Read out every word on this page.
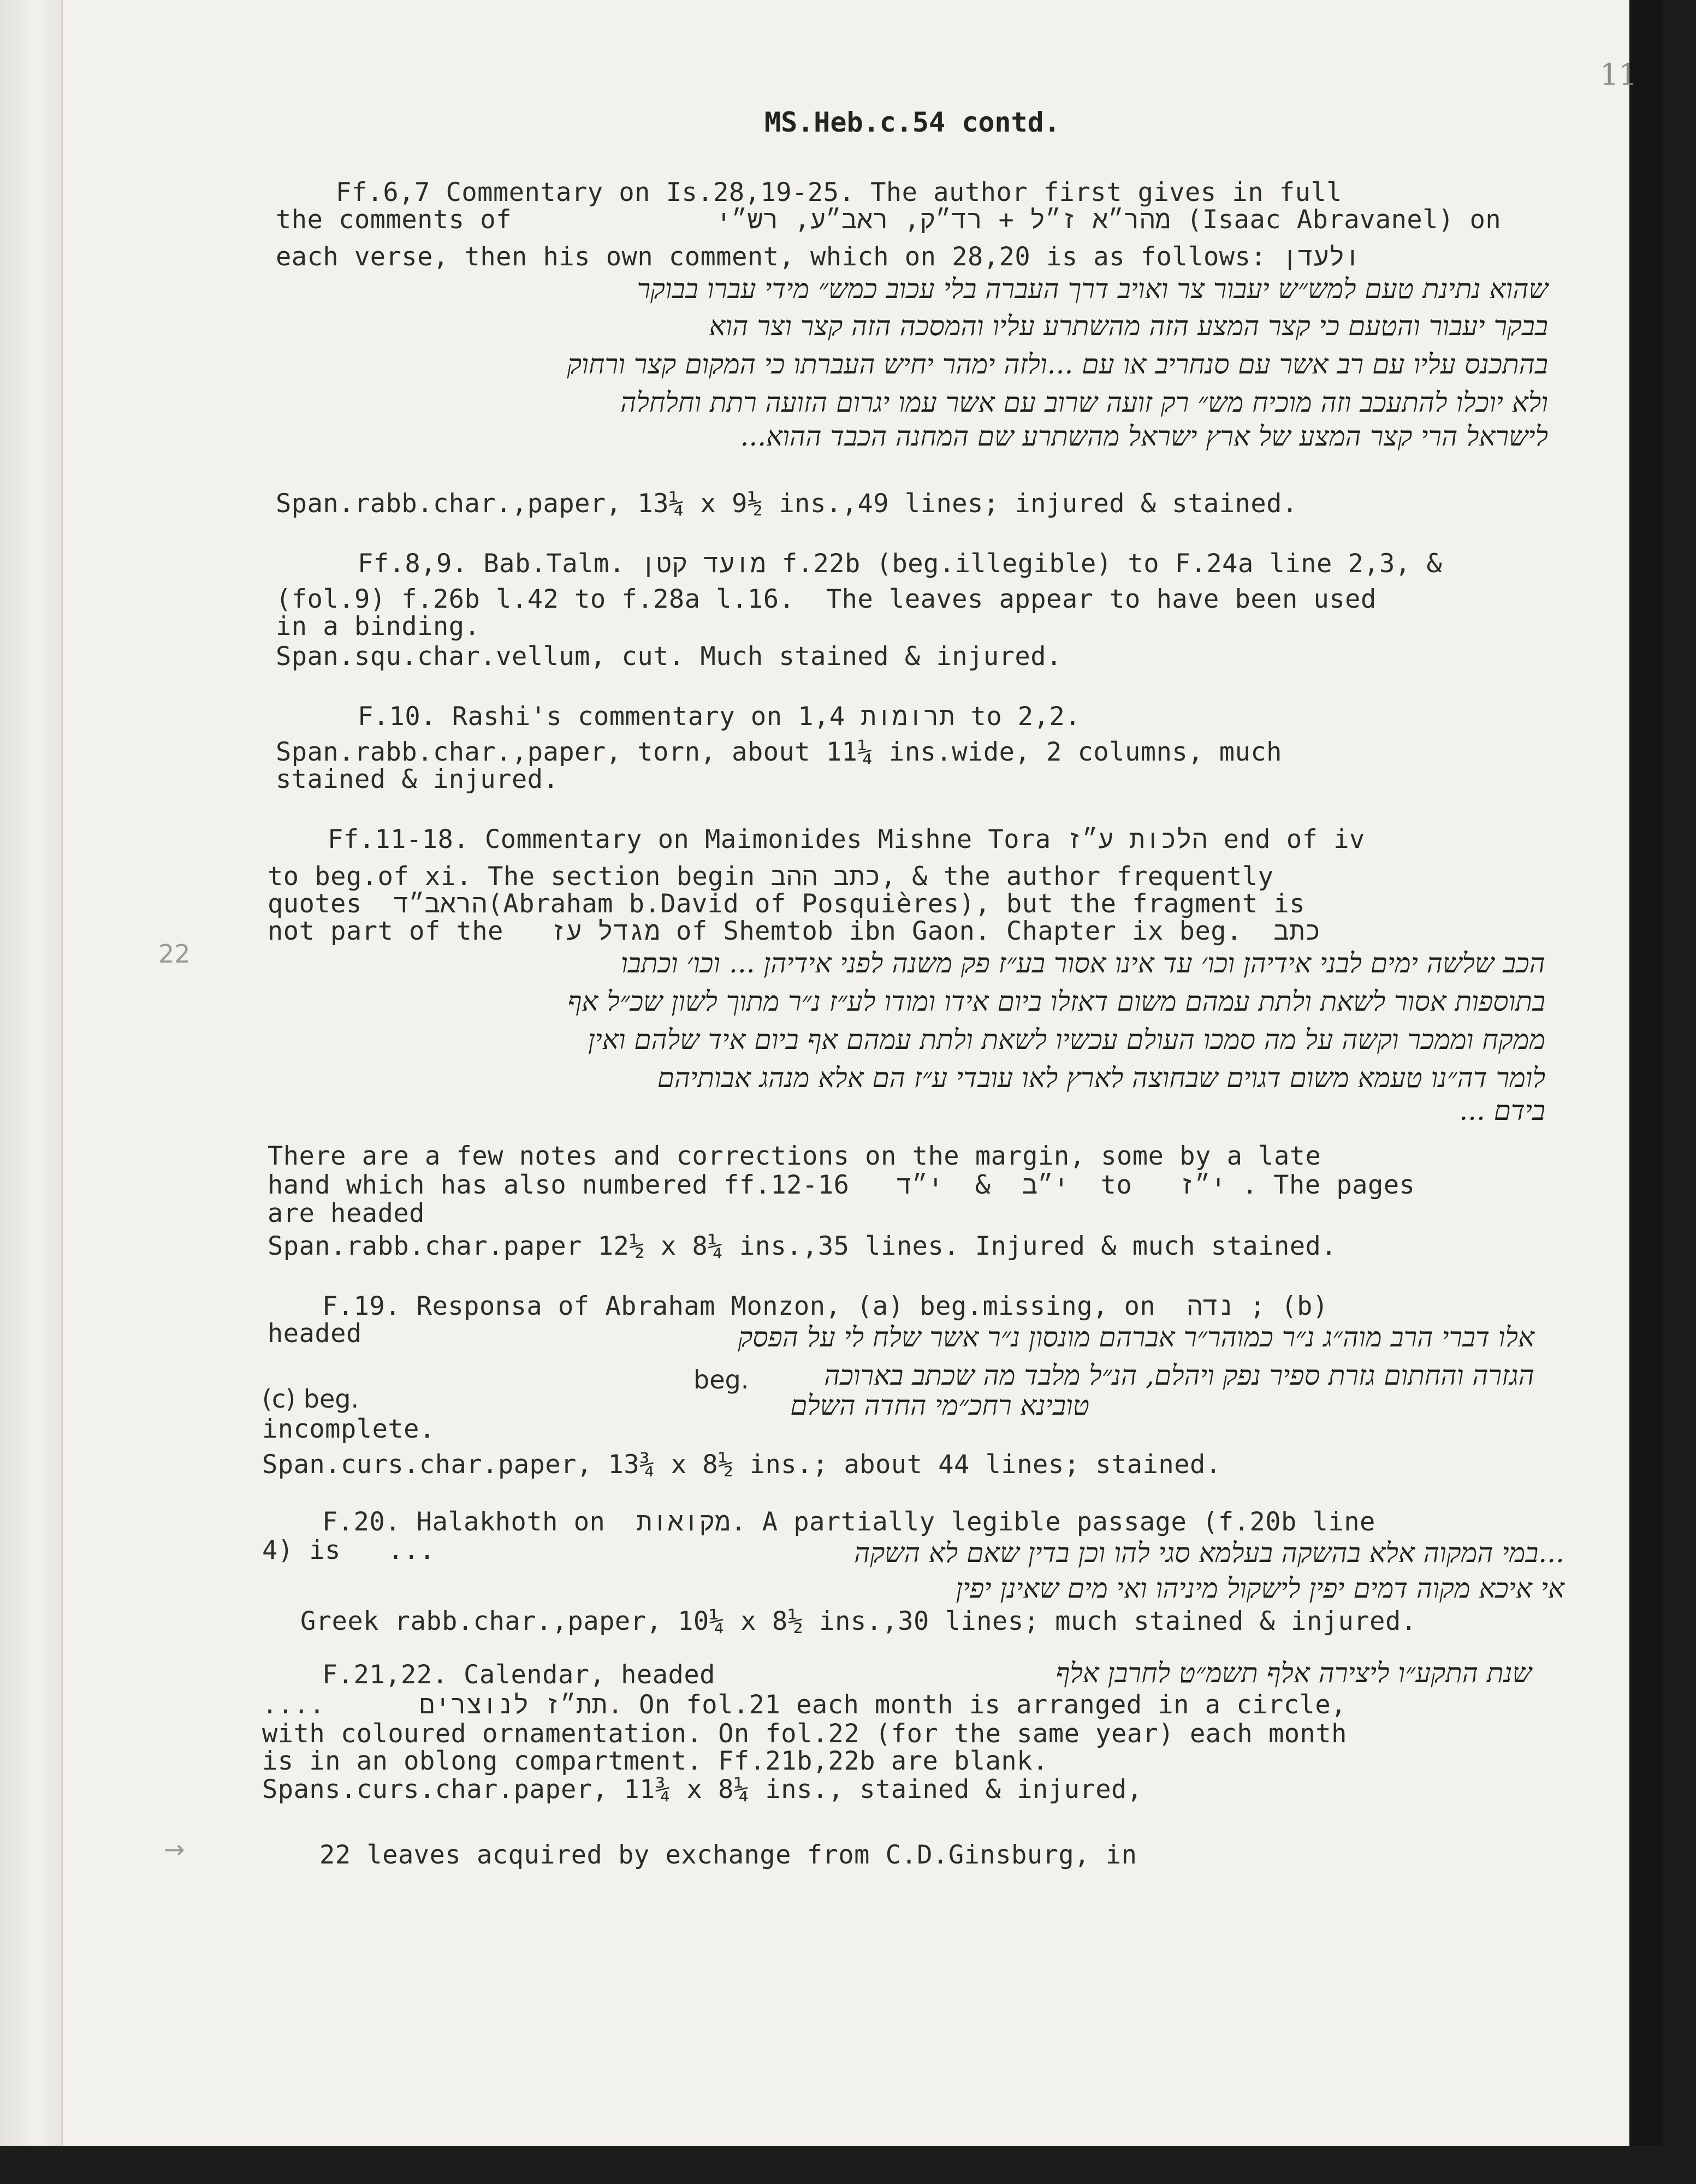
11
MS.Heb.c.54 contd.
Ff.6,7 Commentary on Is.28,19-25. The author first gives in full
the comments of             מהר״א ז״ל + רד״ק, ראב״ע, רש״י (Isaac Abravanel) on
each verse, then his own comment, which on 28,20 is as follows: ולעדן
שהוא נתינת טעם למש״ש יעבור צר ואויב דרך העברה בלי עכוב כמש״ מידי עברו בבוקר
בבקר יעבור והטעם כי קצר המצע הזה מהשתרע עליו והמסכה הזה קצר וצר הוא
בהתכנס עליו עם רב אשר עם סנחריב או עם ...ולזה ימהר יחיש העברתו כי המקום קצר ורחוק
ולא יוכלו להתעכב וזה מוכיח מש״ רק זועה שרוב עם אשר עמו יגרום הזועה רתת וחלחלה
לישראל הרי קצר המצע של ארץ ישראל מהשתרע שם המחנה הכבד ההוא...
Span.rabb.char.,paper, 13¼ x 9½ ins.,49 lines; injured & stained.
Ff.8,9. Bab.Talm. מועד קטן f.22b (beg.illegible) to F.24a line 2,3, &
(fol.9) f.26b l.42 to f.28a l.16.  The leaves appear to have been used
in a binding.
Span.squ.char.vellum, cut. Much stained & injured.
F.10. Rashi's commentary on תרומות 1,4 to 2,2.
Span.rabb.char.,paper, torn, about 11¼ ins.wide, 2 columns, much
stained & injured.
Ff.11-18. Commentary on Maimonides Mishne Tora הלכות ע״ז end of iv
to beg.of xi. The section begin כתב ההב, & the author frequently
quotes  הראב״ד(Abraham b.David of Posquières), but the fragment is
not part of the   מגדל עז of Shemtob ibn Gaon. Chapter ix beg.  כתב
הכב שלשה ימים לבני אידיהן וכו׳ עד אינו אסור בע״ז פק משנה לפני אידיהן ... וכו׳ וכתבו
בתוספות אסור לשאת ולתת עמהם משום דאזלו ביום אידו ומודו לע״ז נ״ר מתוך לשון שכ״ל אף
ממקח וממכר וקשה על מה סמכו העולם עכשיו לשאת ולתת עמהם אף ביום איד שלהם ואין
לומר דה״נו טעמא משום דגוים שבחוצה לארץ לאו עובדי ע״ז הם אלא מנהג אבותיהם
בידם ...
22
There are a few notes and corrections on the margin, some by a late
hand which has also numbered ff.12-16   י״ב  &  י״ד  to   י״ז . The pages
are headed
Span.rabb.char.paper 12½ x 8¼ ins.,35 lines. Injured & much stained.
F.19. Responsa of Abraham Monzon, (a) beg.missing, on  נדה ; (b)
headed	אלו דברי הרב מוה״ג נ״ר כמוהר״ר אברהם מונסון נ״ר אשר שלח לי על הפסק
הגזרה והחתום גזרת ספיר נפק ויהלם, הנ״ל מלבד מה שכתב בארוכה
טובינא רחכ״מי החדה השלם
(c) beg.
beg.
incomplete.
Span.curs.char.paper, 13¾ x 8½ ins.; about 44 lines; stained.
F.20. Halakhoth on  מקואות. A partially legible passage (f.20b line
4) is   ...	...במי המקוה אלא בהשקה בעלמא סגי להו וכן בדין שאם לא השקה
אי איכא מקוה דמים יפין לישקול מיניהו ואי מים שאינן יפין
Greek rabb.char.,paper, 10¼ x 8½ ins.,30 lines; much stained & injured.
F.21,22. Calendar, headed	שנת התקע״ו ליצירה אלף תשמ״ט לחרבן אלף
....      תת״ז לנוצרים. On fol.21 each month is arranged in a circle,
with coloured ornamentation. On fol.22 (for the same year) each month
is in an oblong compartment. Ff.21b,22b are blank.
Spans.curs.char.paper, 11¾ x 8¼ ins., stained & injured,
→	22 leaves acquired by exchange from C.D.Ginsburg, in
